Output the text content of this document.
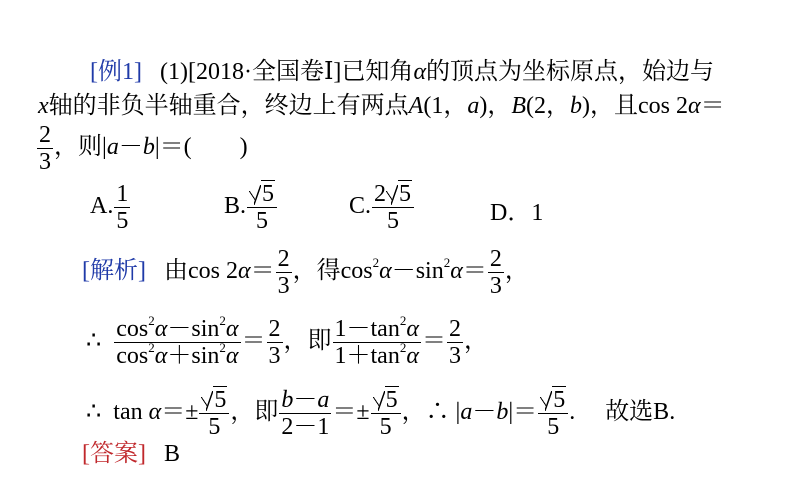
[例1] (1)[2018·全国卷Ⅰ]已知角α的顶点为坐标原点，始边与
x轴的非负半轴重合，终边上有两点A(1，a)，B(2，b)，且cos 2α＝
$\frac{2}{3}$ ，则|a－b|＝(　　)
A. $\frac{1}{5}$	B. $\frac{5}{5}$	C. $\frac{2 5}{5}$	D．1
[解析] 由$\cos 2\alpha= \frac{2}{3}$ ，得$\cos^2\alpha-\sin^2\alpha= \frac{2}{3}$ ，
∴ $\frac{\cos^2\alpha-\sin^2\alpha}{\cos^2\alpha+\sin^2\alpha} = \frac{2}{3}$ ，即 $\frac{1-\tan^2\alpha}{1+\tan^2\alpha} = \frac{2}{3}$ ，
∴ $\tan \alpha=\pm \frac{5}{5}$ ，即 $\frac{b-a}{2-1} =\pm \frac{5}{5}$ ，∴ $|a-b|= \frac{5}{5}$ . 故选B.
[答案] B
